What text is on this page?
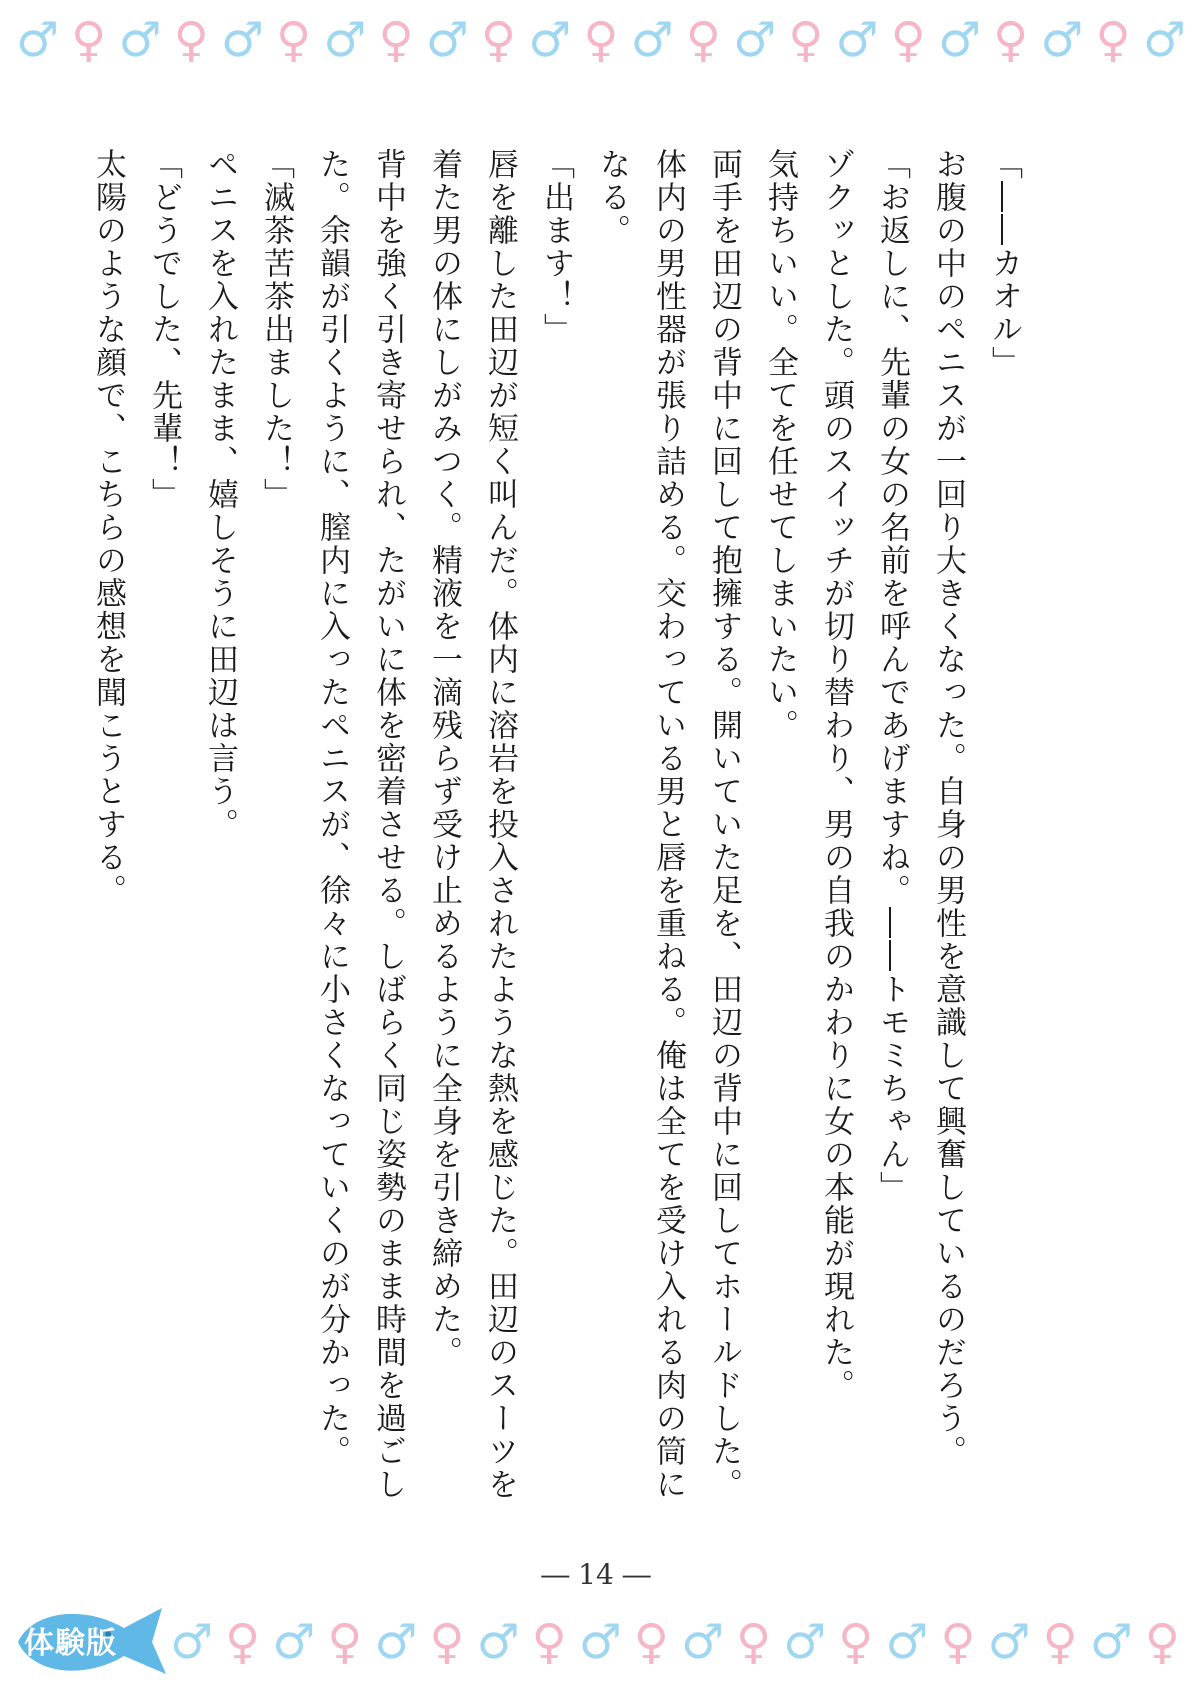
♂ ♀ ♂ ♀ ♂ ♀ ♂ ♀ ♂ ♀ ♂ ♀ ♂ ♀ ♂ ♀ ♂ ♀ ♂ ♀ ♂ ♀ ♂

「――カオル」

お腹の中のペニスが一回り大きくなった。自身の男性を意識して興奮しているのだろう。

「お返しに、先輩の女の名前を呼んであげますね。――トモミちゃん」

ゾクッとした。頭のスイッチが切り替わり、男の自我のかわりに女の本能が現れた。

気持ちいい。全てを任せてしまいたい。

両手を田辺の背中に回して抱擁する。開いていた足を、田辺の背中に回してホールドした。体内の男性器が張り詰める。交わっている男と唇を重ねる。俺は全てを受け入れる肉の筒になる。

「出ます！」

唇を離した田辺が短く叫んだ。体内に溶岩を投入されたような熱を感じた。田辺のスーツを着た男の体にしがみつく。精液を一滴残らず受け止めるように全身を引き締めた。

背中を強く引き寄せられ、たがいに体を密着させる。しばらく同じ姿勢のまま時間を過ごした。余韻が引くように、膣内に入ったペニスが、徐々に小さくなっていくのが分かった。

「滅茶苦茶出ました！」

ペニスを入れたまま、嬉しそうに田辺は言う。

「どうでした、先輩！」

太陽のような顔で、こちらの感想を聞こうとする。

― 14 ―
♂ ♀ ♂ ♀ ♂ ♀ ♂ ♀ ♂ ♀ ♂ ♀ ♂ ♀ ♂ ♀ ♂ ♀ ♂ ♀
体験版
